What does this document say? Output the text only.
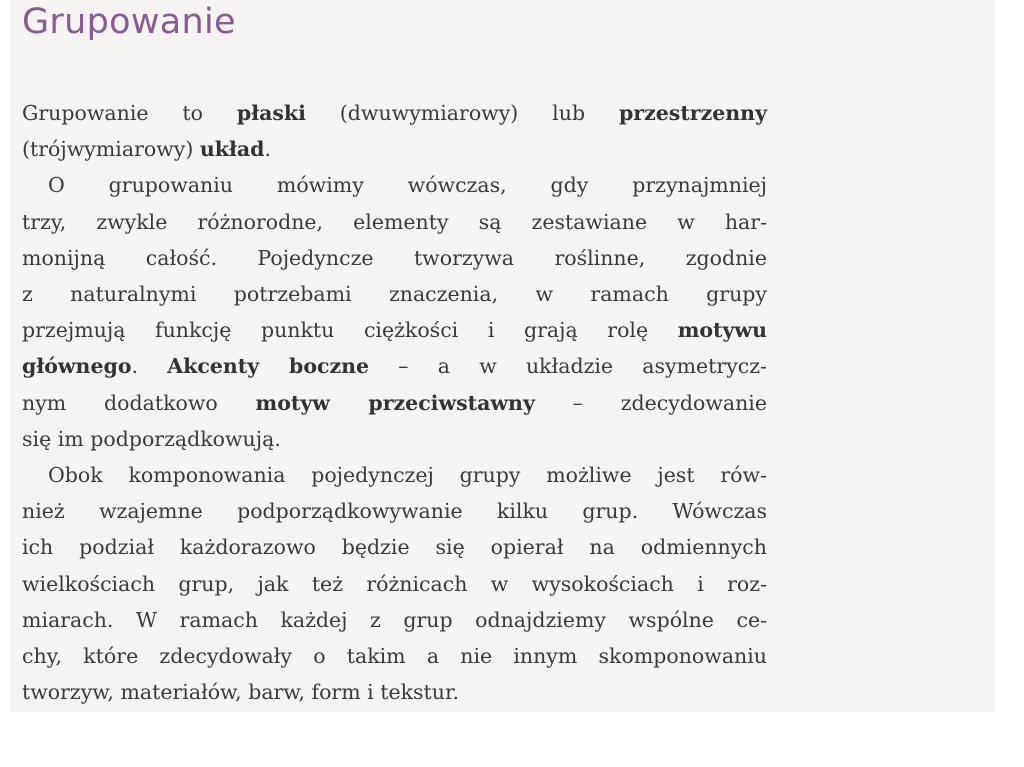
Grupowanie
Grupowanie to płaski (dwuwymiarowy) lub przestrzenny
(trójwymiarowy) układ.
O grupowaniu mówimy wówczas, gdy przynajmniej
trzy, zwykle różnorodne, elementy są zestawiane w har-
monijną całość. Pojedyncze tworzywa roślinne, zgodnie
z naturalnymi potrzebami znaczenia, w ramach grupy
przejmują funkcję punktu ciężkości i grają rolę motywu
głównego. Akcenty boczne – a w układzie asymetrycz-
nym dodatkowo motyw przeciwstawny – zdecydowanie
się im podporządkowują.
Obok komponowania pojedynczej grupy możliwe jest rów-
nież wzajemne podporządkowywanie kilku grup. Wówczas
ich podział każdorazowo będzie się opierał na odmiennych
wielkościach grup, jak też różnicach w wysokościach i roz-
miarach. W ramach każdej z grup odnajdziemy wspólne ce-
chy, które zdecydowały o takim a nie innym skomponowaniu
tworzyw, materiałów, barw, form i tekstur.
